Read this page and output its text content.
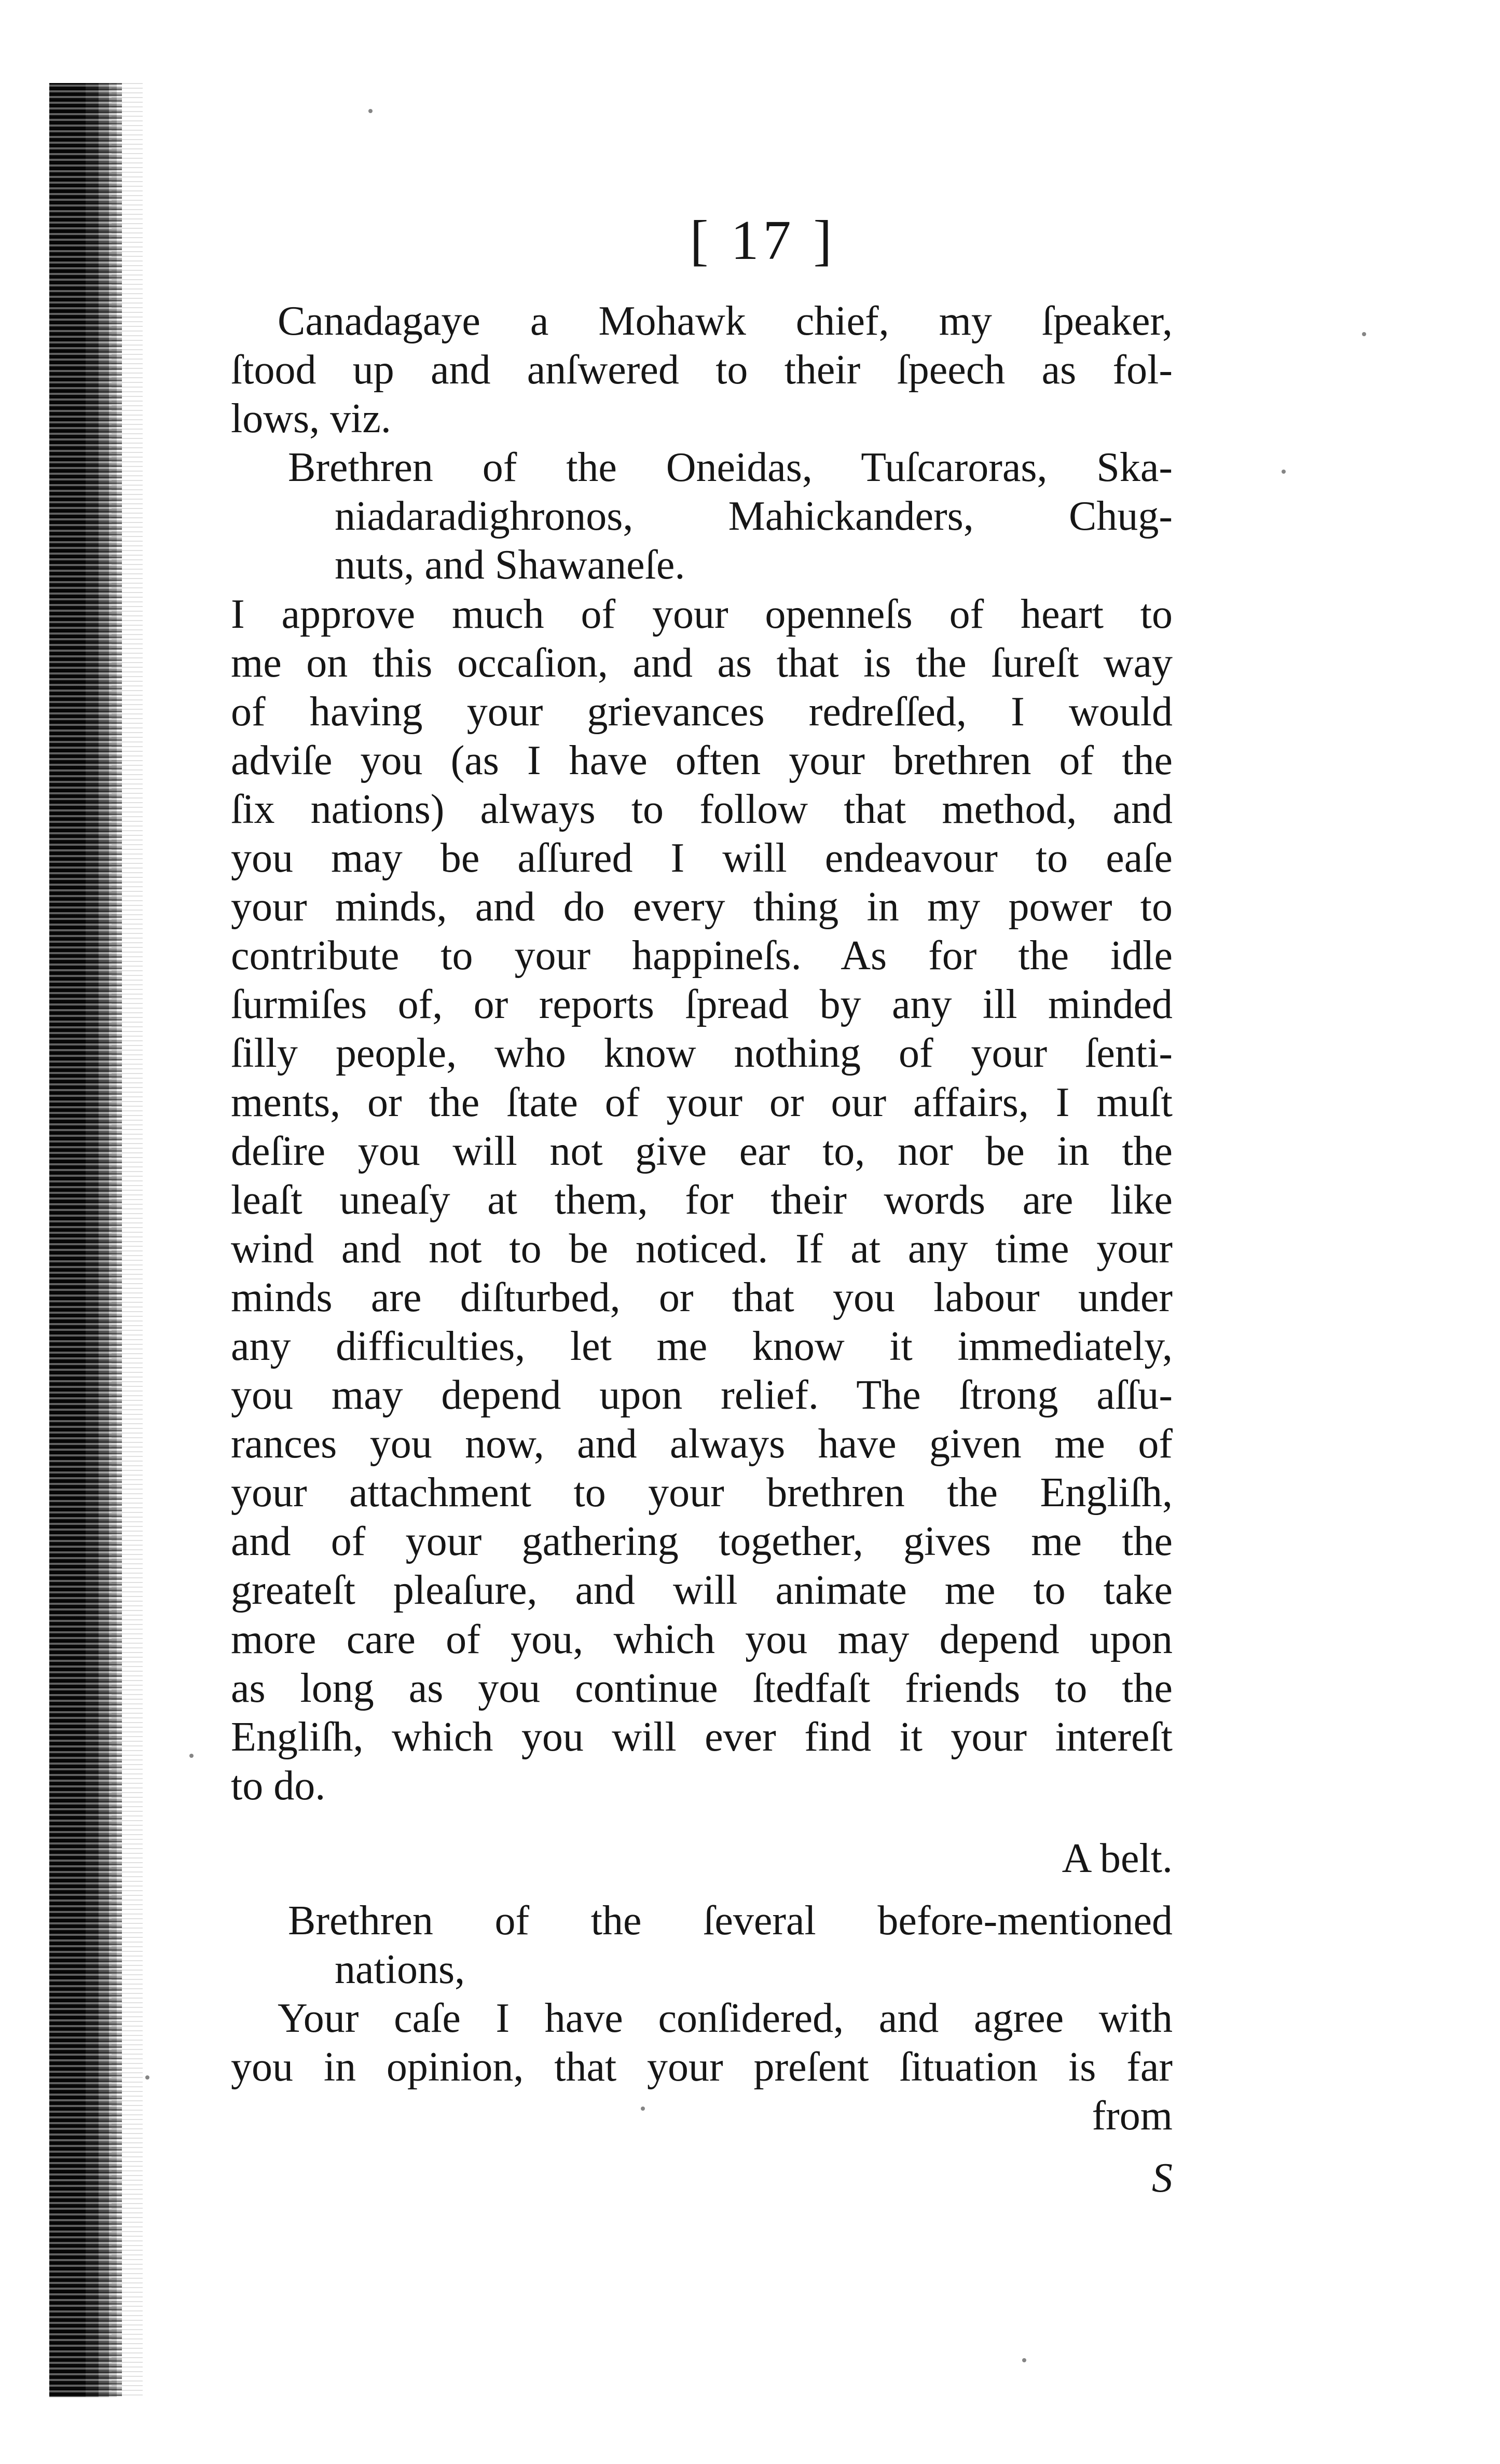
[ 17 ]

Canadagaye a Mohawk chief, my ſpeaker,

ſtood up and anſwered to their ſpeech as fol-

lows, viz.

Brethren of the Oneidas, Tuſcaroras, Ska-

niadaradighronos, Mahickanders, Chug-

nuts, and Shawaneſe.

I approve much of your openneſs of heart to

me on this occaſion, and as that is the ſureſt way

of having your grievances redreſſed, I would

adviſe you (as I have often your brethren of the

ſix nations) always to follow that method, and

you may be aſſured I will endeavour to eaſe

your minds, and do every thing in my power to

contribute to your happineſs. As for the idle

ſurmiſes of, or reports ſpread by any ill minded

ſilly people, who know nothing of your ſenti-

ments, or the ſtate of your or our affairs, I muſt

deſire you will not give ear to, nor be in the

leaſt uneaſy at them, for their words are like

wind and not to be noticed. If at any time your

minds are diſturbed, or that you labour under

any difficulties, let me know it immediately,

you may depend upon relief. The ſtrong aſſu-

rances you now, and always have given me of

your attachment to your brethren the Engliſh,

and of your gathering together, gives me the

greateſt pleaſure, and will animate me to take

more care of you, which you may depend upon

as long as you continue ſtedfaſt friends to the

Engliſh, which you will ever find it your intereſt

to do.

A belt.

Brethren of the ſeveral before-mentioned

nations,

Your caſe I have conſidered, and agree with

you in opinion, that your preſent ſituation is far

from

S
